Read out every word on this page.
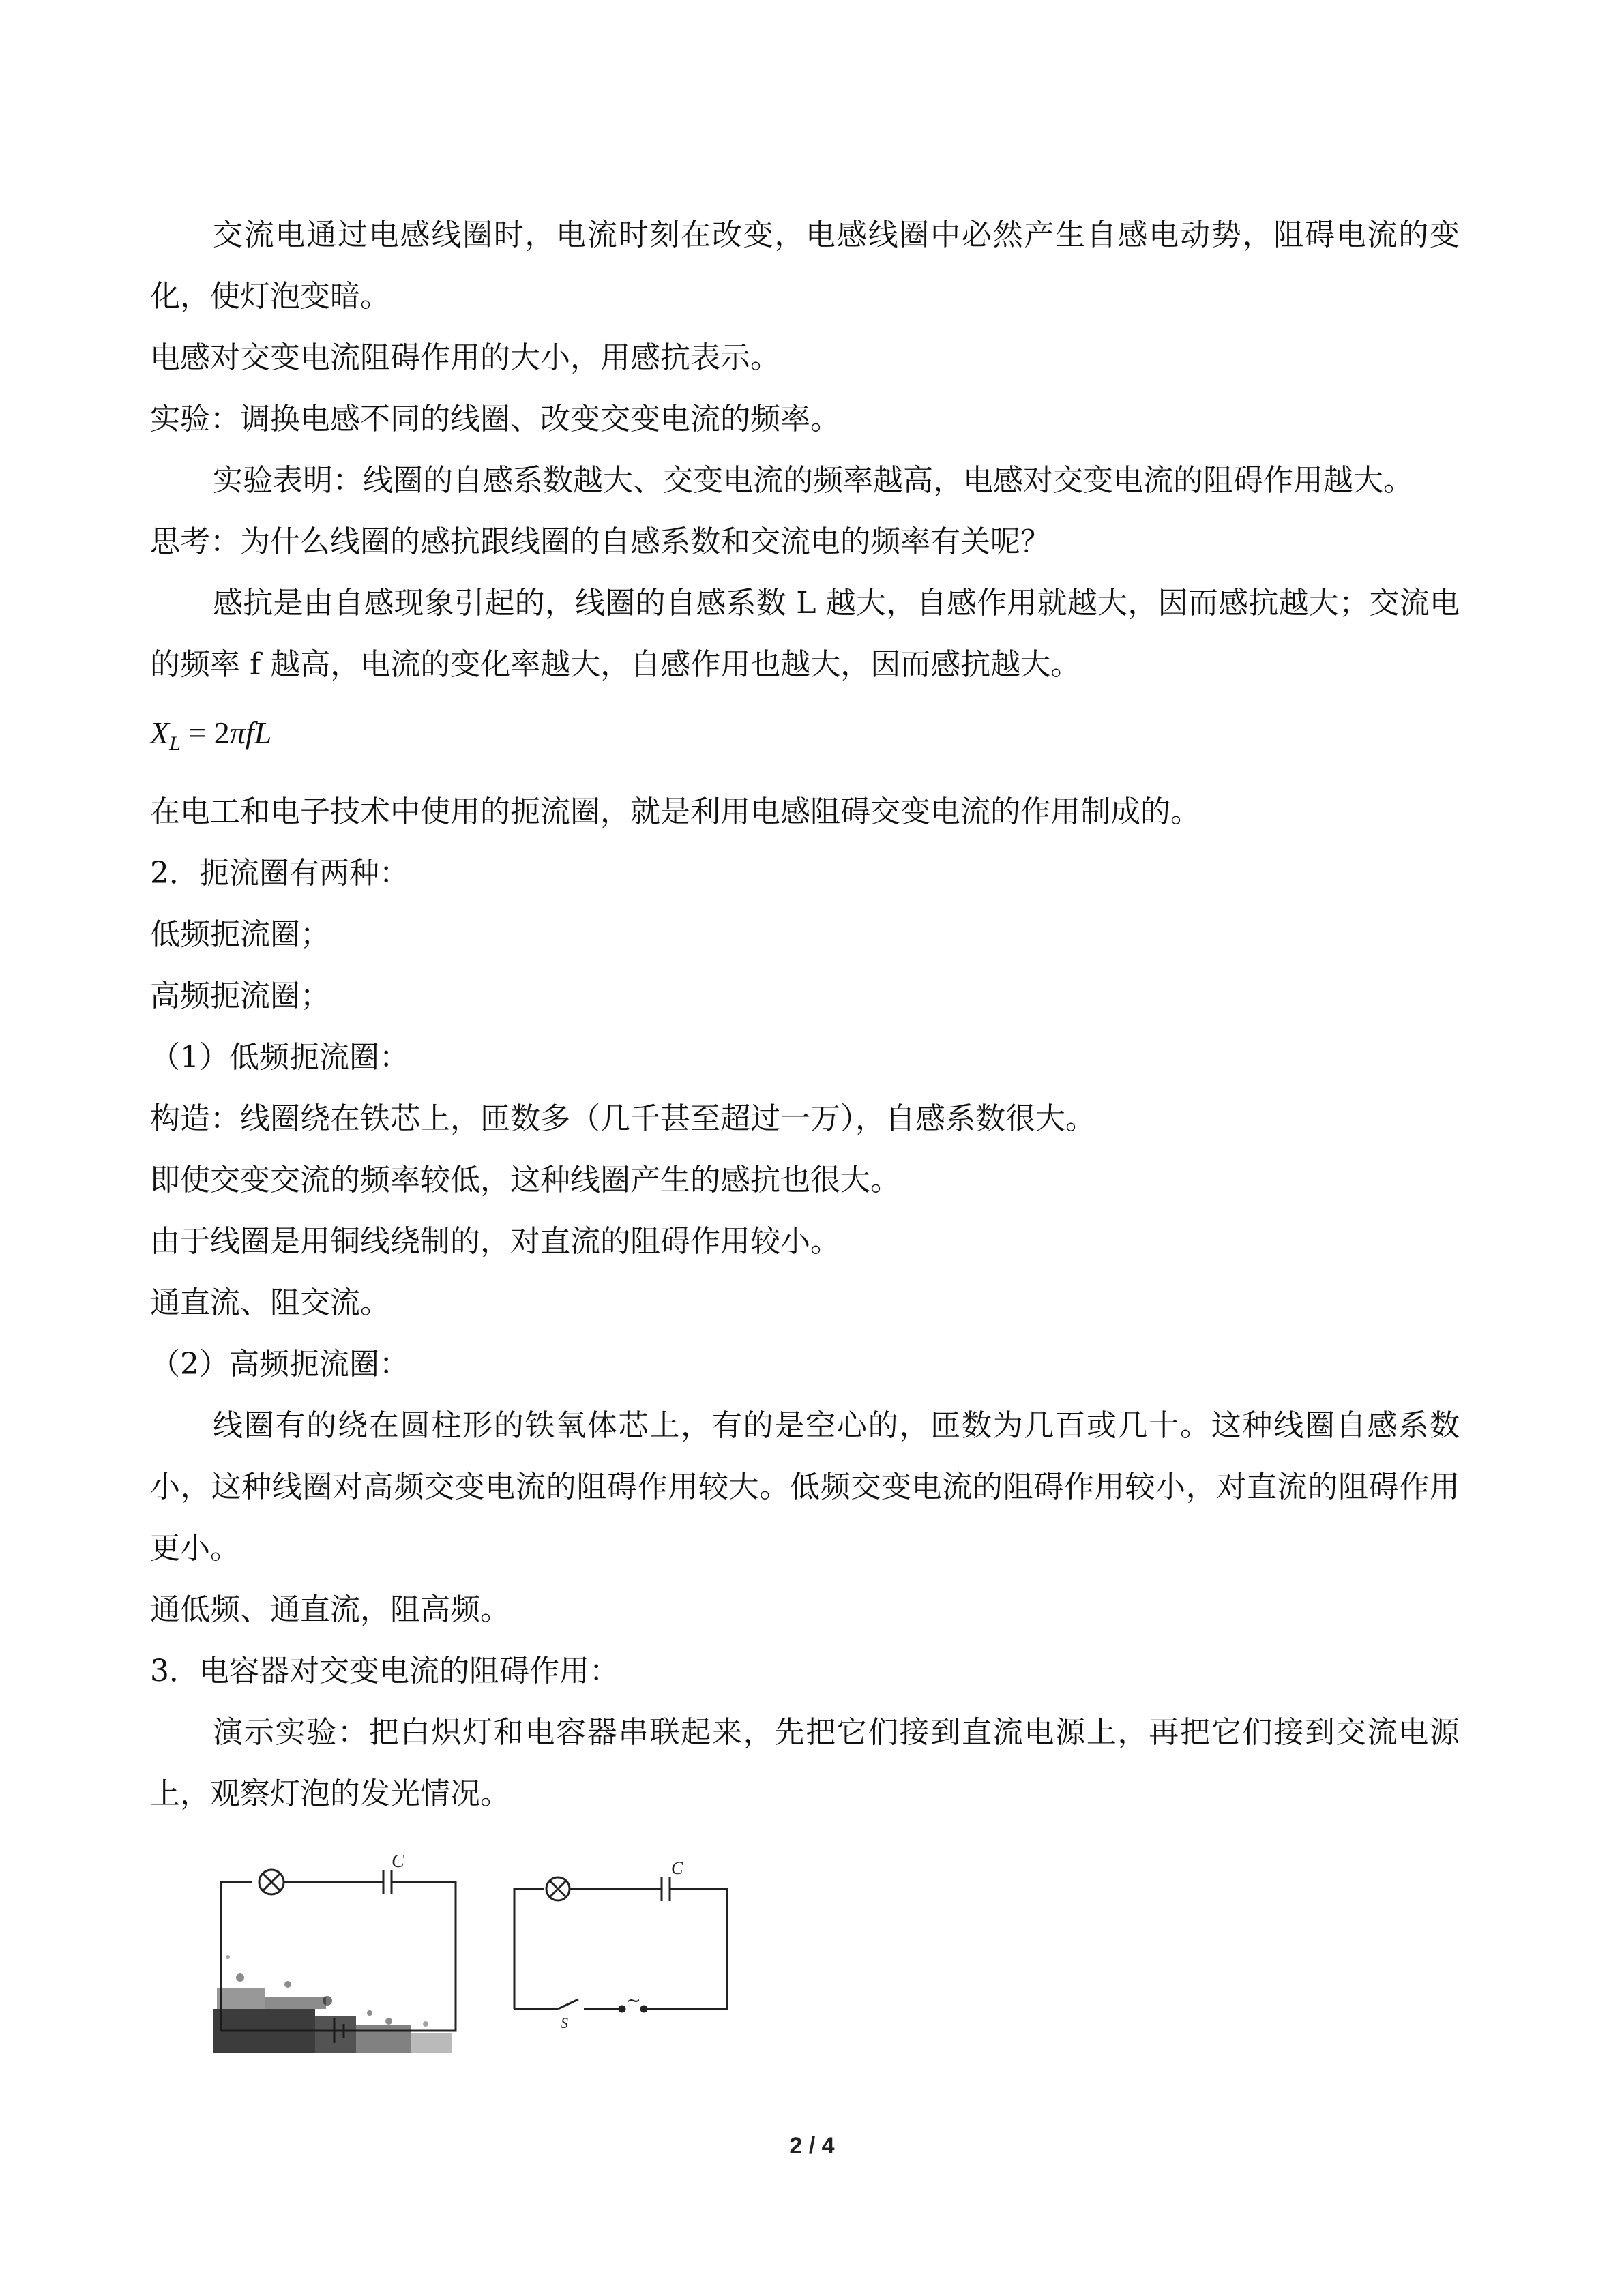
交流电通过电感线圈时，电流时刻在改变，电感线圈中必然产生自感电动势，阻碍电流的变化，使灯泡变暗。

电感对交变电流阻碍作用的大小，用感抗表示。

实验：调换电感不同的线圈、改变交变电流的频率。

实验表明：线圈的自感系数越大、交变电流的频率越高，电感对交变电流的阻碍作用越大。

思考：为什么线圈的感抗跟线圈的自感系数和交流电的频率有关呢？

感抗是由自感现象引起的，线圈的自感系数 L 越大，自感作用就越大，因而感抗越大；交流电的频率 f 越高，电流的变化率越大，自感作用也越大，因而感抗越大。

$X_L = 2\pi fL$

在电工和电子技术中使用的扼流圈，就是利用电感阻碍交变电流的作用制成的。

2．扼流圈有两种：

低频扼流圈；

高频扼流圈；

（1）低频扼流圈：

构造：线圈绕在铁芯上，匝数多（几千甚至超过一万），自感系数很大。

即使交变交流的频率较低，这种线圈产生的感抗也很大。

由于线圈是用铜线绕制的，对直流的阻碍作用较小。

通直流、阻交流。

（2）高频扼流圈：

线圈有的绕在圆柱形的铁氧体芯上，有的是空心的，匝数为几百或几十。这种线圈自感系数小，这种线圈对高频交变电流的阻碍作用较大。低频交变电流的阻碍作用较小，对直流的阻碍作用更小。

通低频、通直流，阻高频。

3．电容器对交变电流的阻碍作用：

演示实验：把白炽灯和电容器串联起来，先把它们接到直流电源上，再把它们接到交流电源上，观察灯泡的发光情况。

C	C
S
~
2 / 4
